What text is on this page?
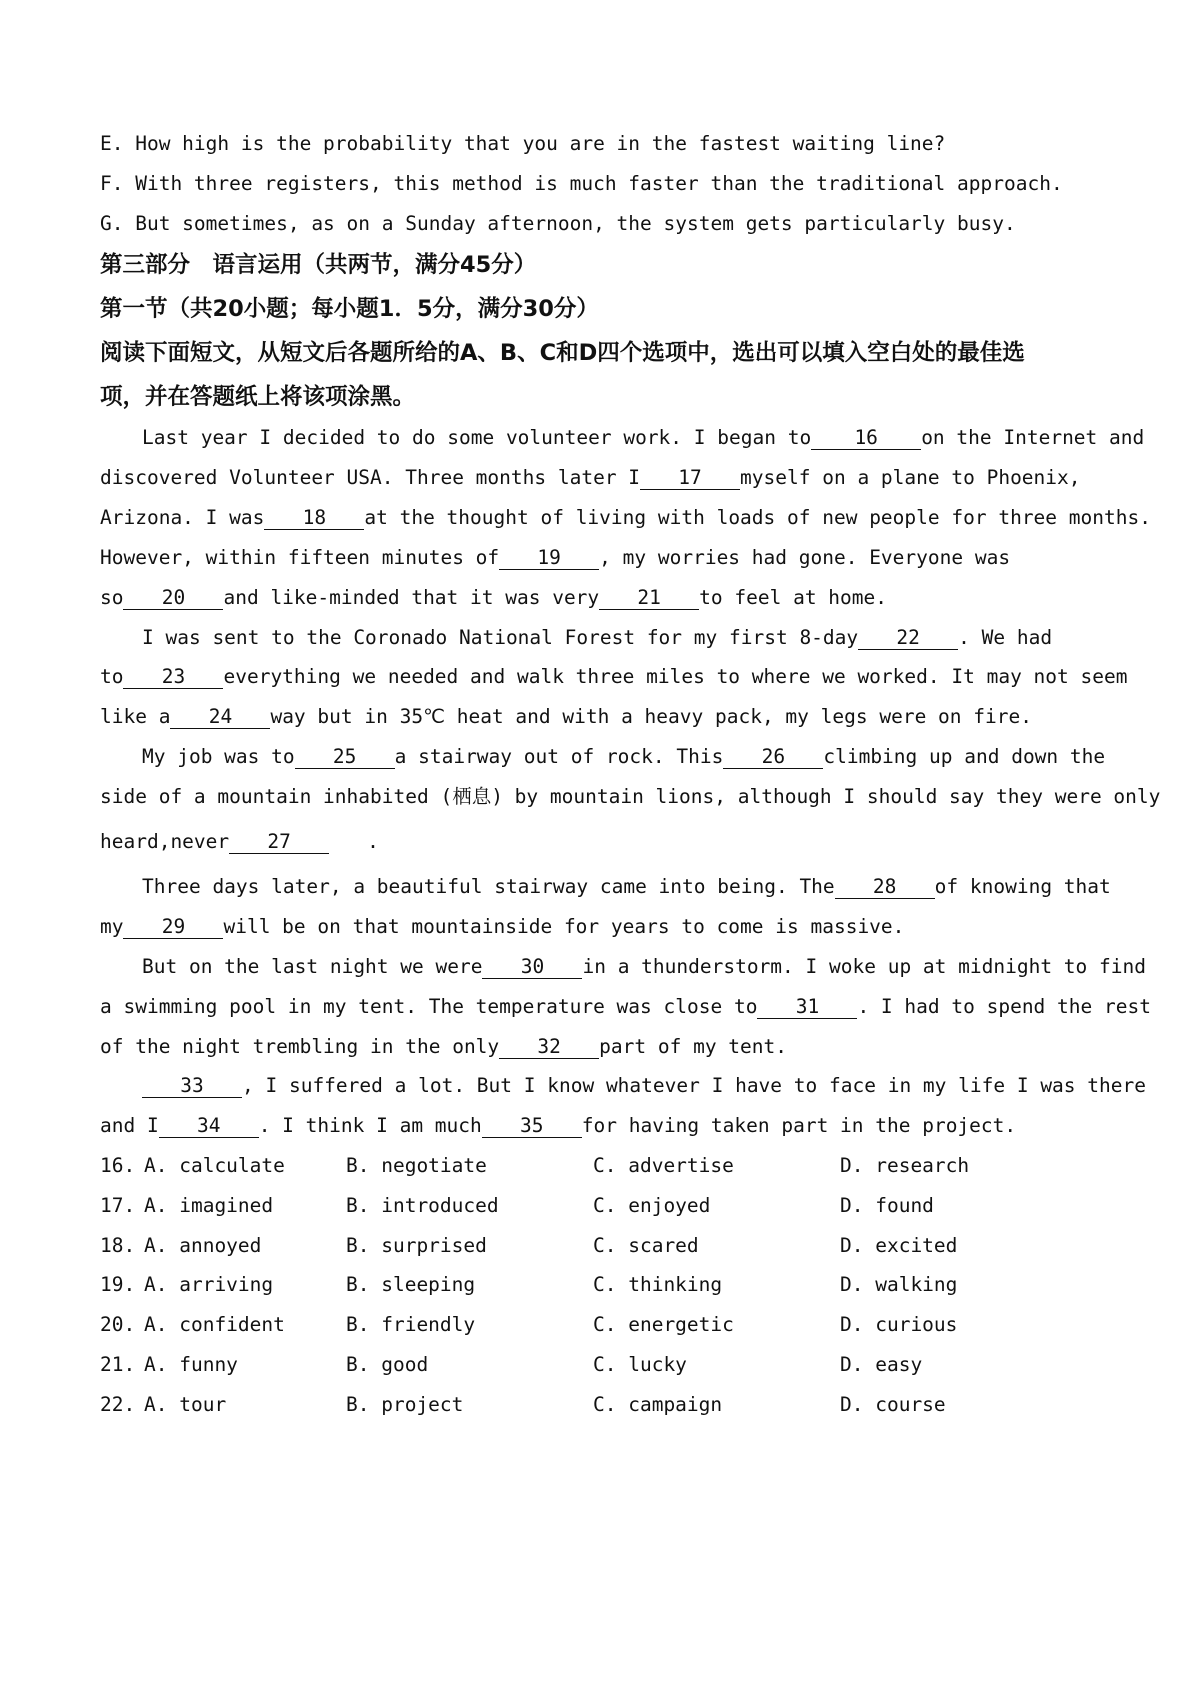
E. How high is the probability that you are in the fastest waiting line?
F. With three registers, this method is much faster than the traditional approach.
G. But sometimes, as on a Sunday afternoon, the system gets particularly busy.
第三部分　语言运用（共两节，满分45分）
第一节（共20小题；每小题1．5分，满分30分）
阅读下面短文，从短文后各题所给的A、B、C和D四个选项中，选出可以填入空白处的最佳选
项，并在答题纸上将该项涂黑。
Last year I decided to do some volunteer work. I began to 16 on the Internet and
discovered Volunteer USA. Three months later I 17 myself on a plane to Phoenix,
Arizona. I was 18 at the thought of living with loads of new people for three months.
However, within fifteen minutes of 19 , my worries had gone. Everyone was
so 20 and like-minded that it was very 21 to feel at home.
I was sent to the Coronado National Forest for my first 8-day 22 . We had
to 23 everything we needed and walk three miles to where we worked. It may not seem
like a 24 way but in 35℃ heat and with a heavy pack, my legs were on fire.
My job was to 25 a stairway out of rock. This 26 climbing up and down the
side of a mountain inhabited (栖息) by mountain lions, although I should say they were only
heard,never 27	.
Three days later, a beautiful stairway came into being. The 28 of knowing that
my 29 will be on that mountainside for years to come is massive.
But on the last night we were 30 in a thunderstorm. I woke up at midnight to find
a swimming pool in my tent. The temperature was close to 31 . I had to spend the rest
of the night trembling in the only 32 part of my tent.
33 , I suffered a lot. But I know whatever I have to face in my life I was there
and I 34 . I think I am much 35 for having taken part in the project.
16. A. calculate	B. negotiate	C. advertise	D. research
17. A. imagined	B. introduced	C. enjoyed	D. found
18. A. annoyed	B. surprised	C. scared	D. excited
19. A. arriving	B. sleeping	C. thinking	D. walking
20. A. confident	B. friendly	C. energetic	D. curious
21. A. funny	B. good	C. lucky	D. easy
22. A. tour	B. project	C. campaign	D. course
